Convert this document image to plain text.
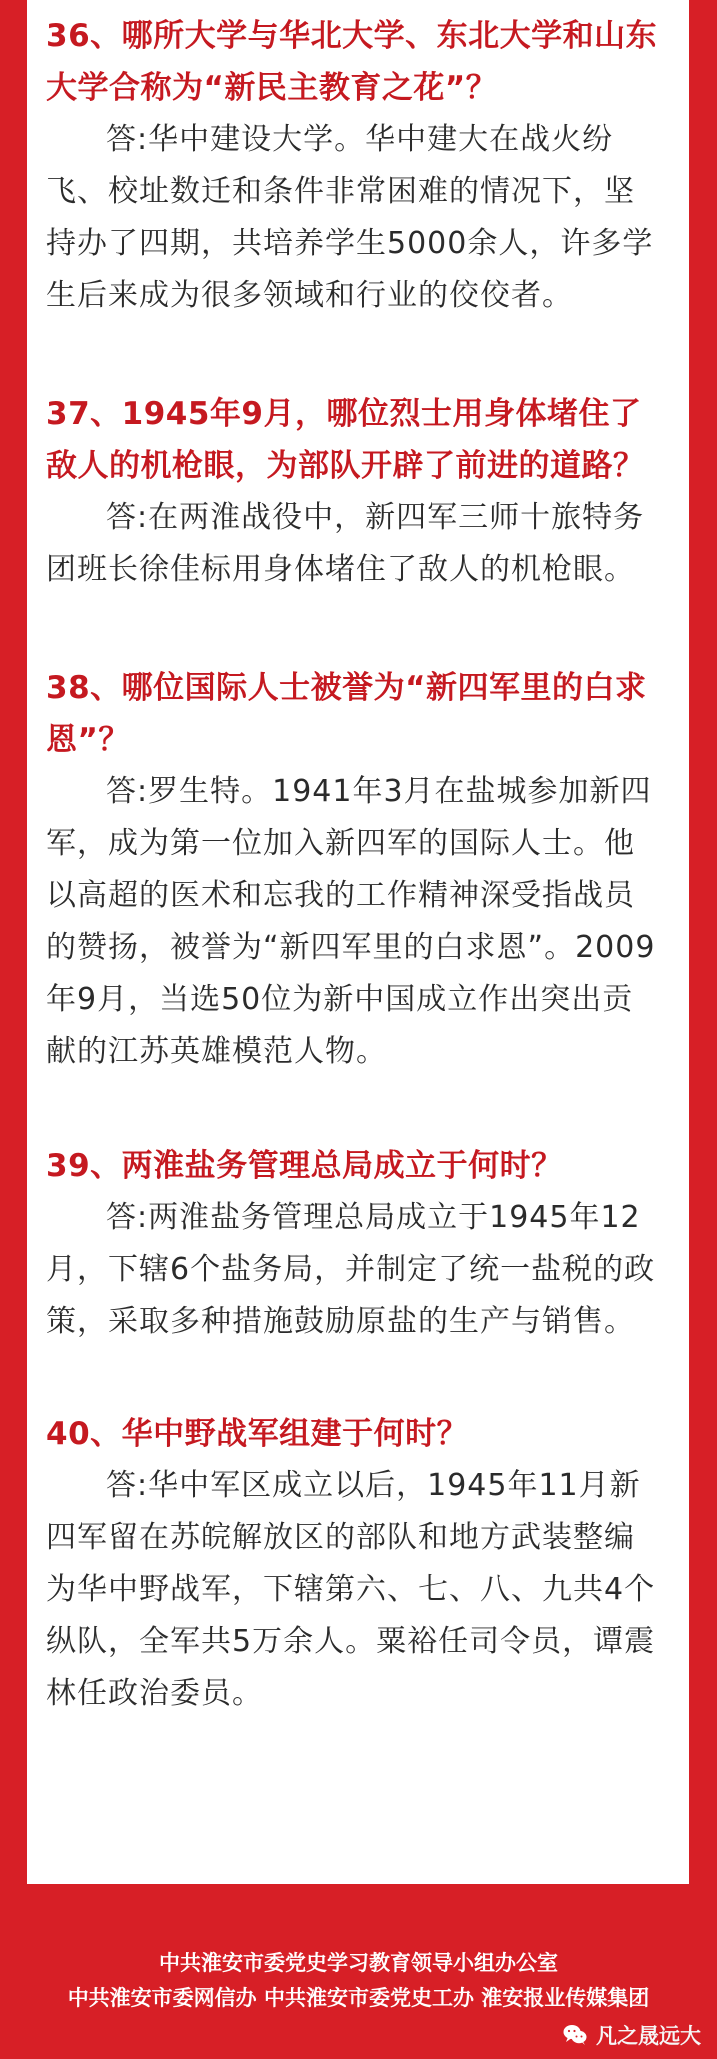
36、哪所大学与华北大学、东北大学和山东大学合称为“新民主教育之花”？

答:华中建设大学。华中建大在战火纷飞、校址数迁和条件非常困难的情况下，坚持办了四期，共培养学生5000余人，许多学生后来成为很多领域和行业的佼佼者。

37、1945年9月，哪位烈士用身体堵住了敌人的机枪眼，为部队开辟了前进的道路？

答:在两淮战役中，新四军三师十旅特务团班长徐佳标用身体堵住了敌人的机枪眼。

38、哪位国际人士被誉为“新四军里的白求恩”？

答:罗生特。1941年3月在盐城参加新四军，成为第一位加入新四军的国际人士。他以高超的医术和忘我的工作精神深受指战员的赞扬，被誉为“新四军里的白求恩”。2009年9月，当选50位为新中国成立作出突出贡献的江苏英雄模范人物。

39、两淮盐务管理总局成立于何时？

答:两淮盐务管理总局成立于1945年12月，下辖6个盐务局，并制定了统一盐税的政策，采取多种措施鼓励原盐的生产与销售。

40、华中野战军组建于何时？

答:华中军区成立以后，1945年11月新四军留在苏皖解放区的部队和地方武装整编为华中野战军，下辖第六、七、八、九共4个纵队，全军共5万余人。粟裕任司令员，谭震林任政治委员。

中共淮安市委党史学习教育领导小组办公室
中共淮安市委网信办 中共淮安市委党史工办 淮安报业传媒集团
凡之晟远大
